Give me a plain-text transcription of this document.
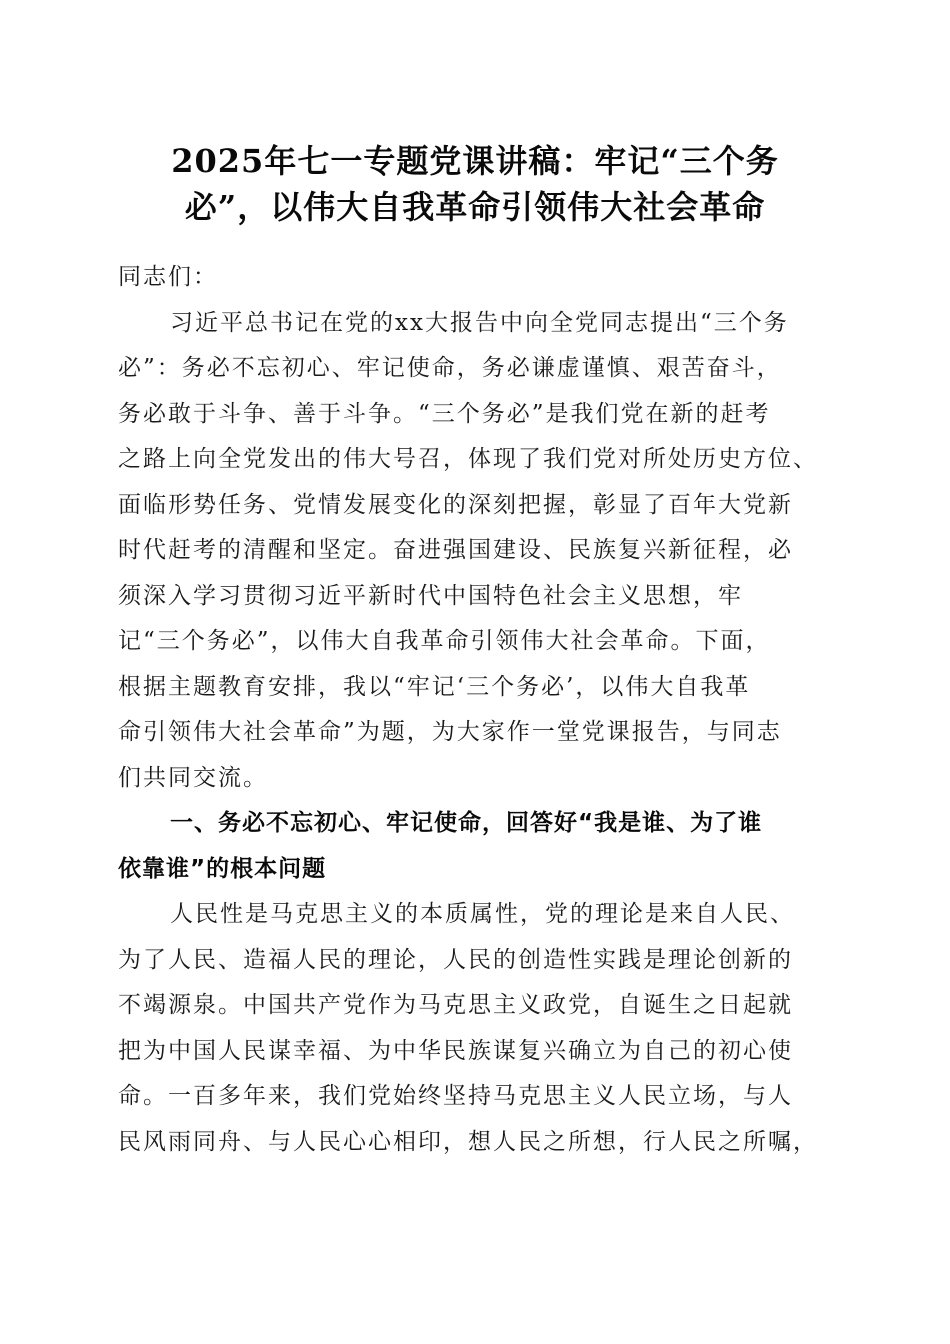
2025年七一专题党课讲稿：牢记“三个务
必”，以伟大自我革命引领伟大社会革命
同志们：
习近平总书记在党的xx大报告中向全党同志提出“三个务
必”：务必不忘初心、牢记使命，务必谦虚谨慎、艰苦奋斗，
务必敢于斗争、善于斗争。“三个务必”是我们党在新的赶考
之路上向全党发出的伟大号召，体现了我们党对所处历史方位、
面临形势任务、党情发展变化的深刻把握，彰显了百年大党新
时代赶考的清醒和坚定。奋进强国建设、民族复兴新征程，必
须深入学习贯彻习近平新时代中国特色社会主义思想，牢
记“三个务必”，以伟大自我革命引领伟大社会革命。下面，
根据主题教育安排，我以“牢记‘三个务必’，以伟大自我革
命引领伟大社会革命”为题，为大家作一堂党课报告，与同志
们共同交流。
一、务必不忘初心、牢记使命，回答好“我是谁、为了谁
依靠谁”的根本问题
人民性是马克思主义的本质属性，党的理论是来自人民、
为了人民、造福人民的理论，人民的创造性实践是理论创新的
不竭源泉。中国共产党作为马克思主义政党，自诞生之日起就
把为中国人民谋幸福、为中华民族谋复兴确立为自己的初心使
命。一百多年来，我们党始终坚持马克思主义人民立场，与人
民风雨同舟、与人民心心相印，想人民之所想，行人民之所嘱，
